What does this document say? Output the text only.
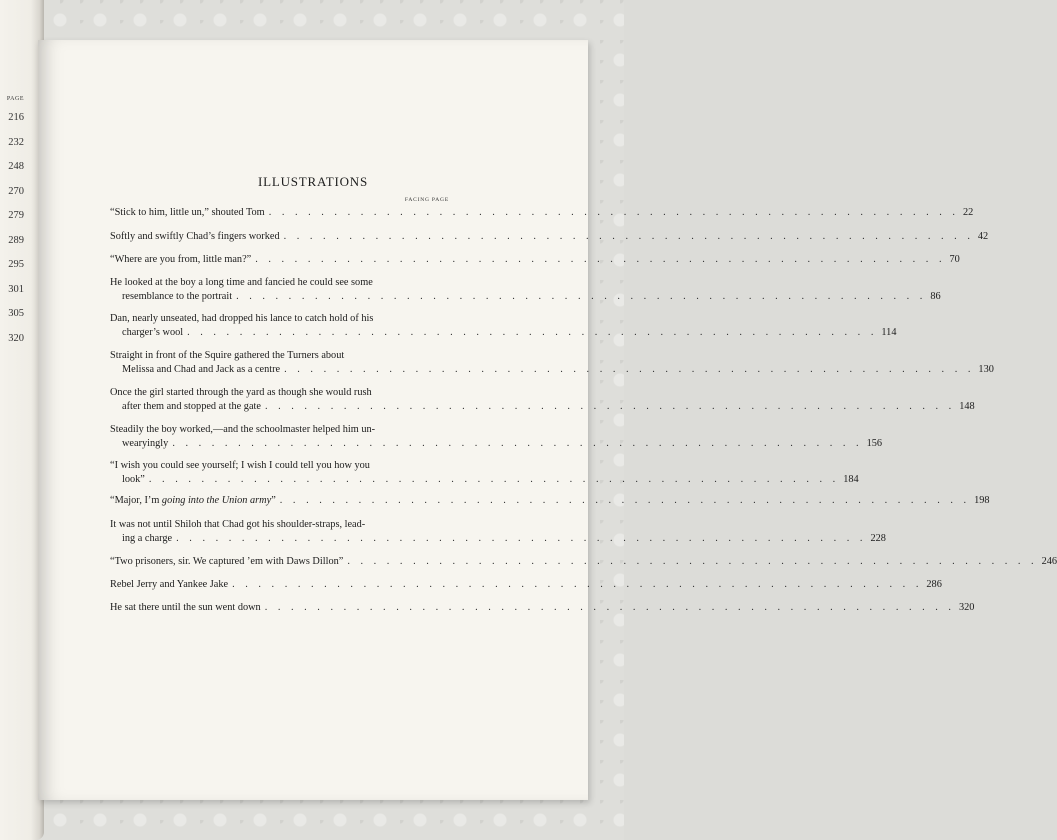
PAGE
216
232
248
270
279
289
295
301
305
320
ILLUSTRATIONS
FACING PAGE
“Stick to him, little un,” shouted Tom . . .	22
Softly and swiftly Chad’s fingers worked . . .	42
“Where are you from, little man?” . . .	70
He looked at the boy a long time and fancied he could see some
resemblance to the portrait . . .	86
Dan, nearly unseated, had dropped his lance to catch hold of his
charger’s wool . . .	114
Straight in front of the Squire gathered the Turners about
Melissa and Chad and Jack as a centre . . .	130
Once the girl started through the yard as though she would rush
after them and stopped at the gate . . .	148
Steadily the boy worked,—and the schoolmaster helped him un-
wearyingly . . .	156
“I wish you could see yourself; I wish I could tell you how you
look” . . .	184
“Major, I’m going into the Union army” . . .	198
It was not until Shiloh that Chad got his shoulder-straps, lead-
ing a charge . . .	228
“Two prisoners, sir. We captured ’em with Daws Dillon” . . .	246
Rebel Jerry and Yankee Jake . . .	286
He sat there until the sun went down . . .	320
